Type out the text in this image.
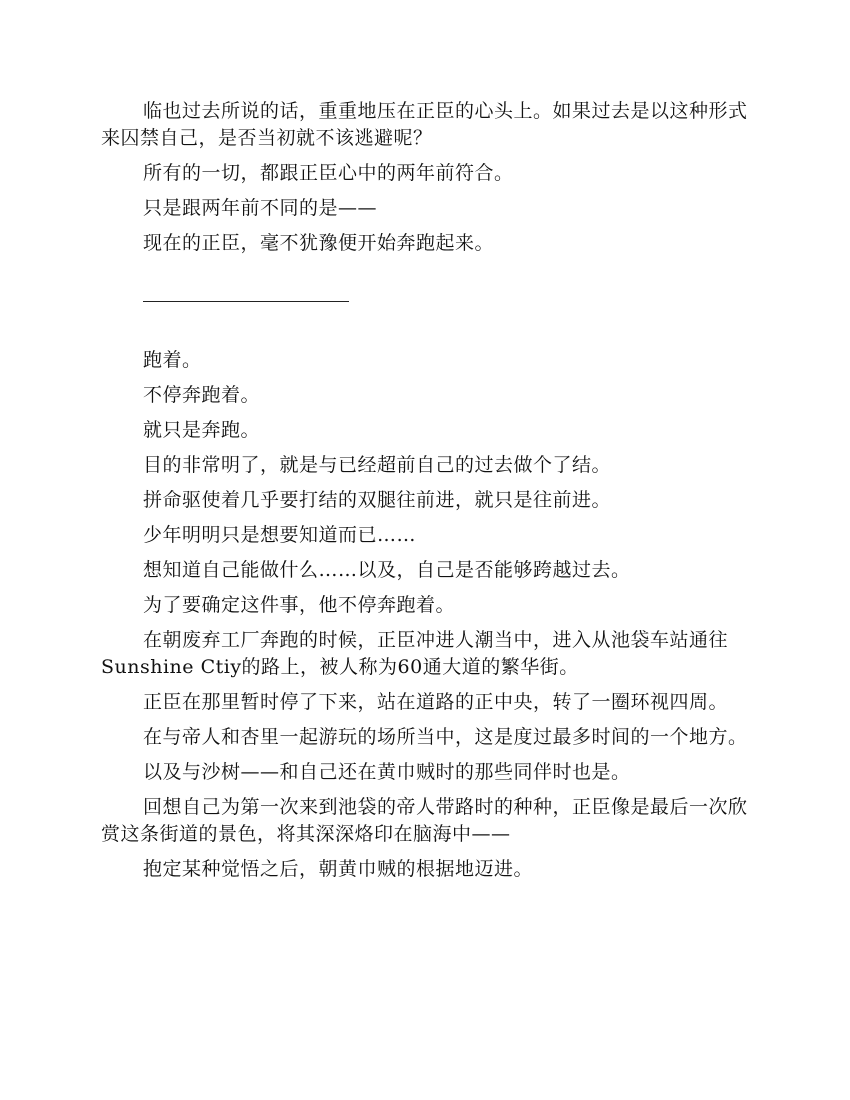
临也过去所说的话，重重地压在正臣的心头上。如果过去是以这种形式来囚禁自己，是否当初就不该逃避呢？

所有的一切，都跟正臣心中的两年前符合。

只是跟两年前不同的是——

现在的正臣，毫不犹豫便开始奔跑起来。

跑着。

不停奔跑着。

就只是奔跑。

目的非常明了，就是与已经超前自己的过去做个了结。

拼命驱使着几乎要打结的双腿往前进，就只是往前进。

少年明明只是想要知道而已……

想知道自己能做什么……以及，自己是否能够跨越过去。

为了要确定这件事，他不停奔跑着。

在朝废弃工厂奔跑的时候，正臣冲进人潮当中，进入从池袋车站通往Sunshine Ctiy的路上，被人称为60通大道的繁华街。

正臣在那里暂时停了下来，站在道路的正中央，转了一圈环视四周。

在与帝人和杏里一起游玩的场所当中，这是度过最多时间的一个地方。

以及与沙树——和自己还在黄巾贼时的那些同伴时也是。

回想自己为第一次来到池袋的帝人带路时的种种，正臣像是最后一次欣赏这条街道的景色，将其深深烙印在脑海中——

抱定某种觉悟之后，朝黄巾贼的根据地迈进。
